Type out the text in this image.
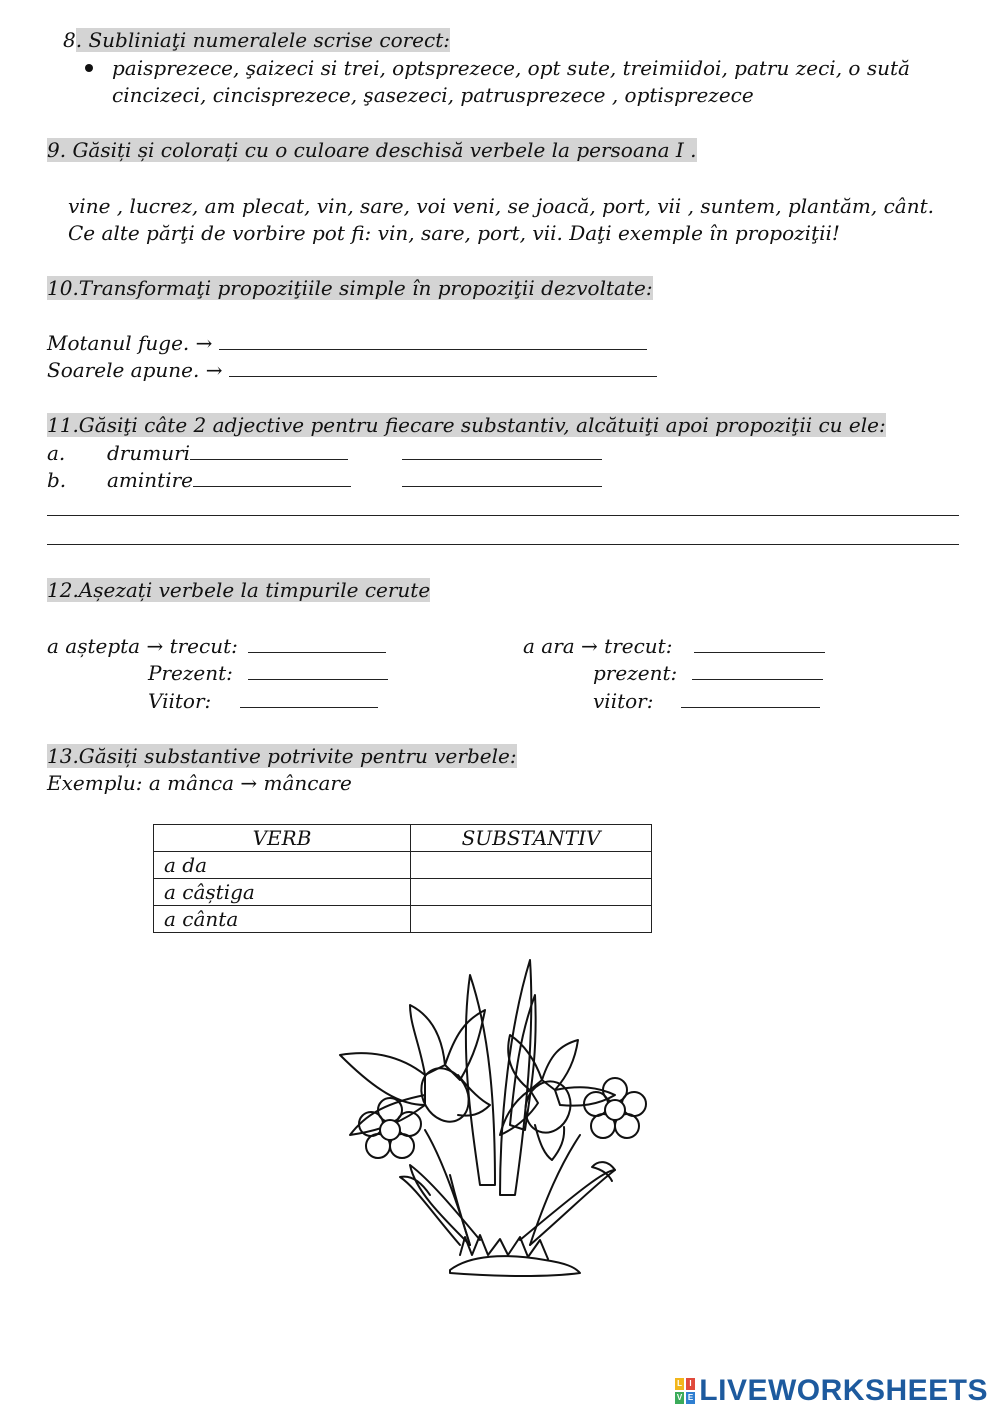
8. Subliniaţi numeralele scrise corect:
paisprezece, şaizeci si trei, optsprezece, opt sute, treimiidoi, patru zeci, o sută
cincizeci, cincisprezece, şasezeci, patrusprezece , optisprezece
9. Găsiți și colorați cu o culoare deschisă verbele la persoana I .
vine , lucrez, am plecat, vin, sare, voi veni, se joacă, port, vii , suntem, plantăm, cânt.
Ce alte părţi de vorbire pot fi: vin, sare, port, vii. Daţi exemple în propoziţii!
10.Transformaţi propoziţiile simple în propoziţii dezvoltate:
Motanul fuge. →
Soarele apune. →
11.Găsiţi câte 2 adjective pentru fiecare substantiv, alcătuiţi apoi propoziţii cu ele:
a. drumuri
b. amintire
12.Așezați verbele la timpurile cerute
a aștepta → trecut:
Prezent:
Viitor:
a ara → trecut:
prezent:
viitor:
13.Găsiți substantive potrivite pentru verbele:
Exemplu: a mânca → mâncare
VERB	SUBSTANTIV
a da	
a câștiga	
a cânta	
L I
V E LIVEWORKSHEETS
